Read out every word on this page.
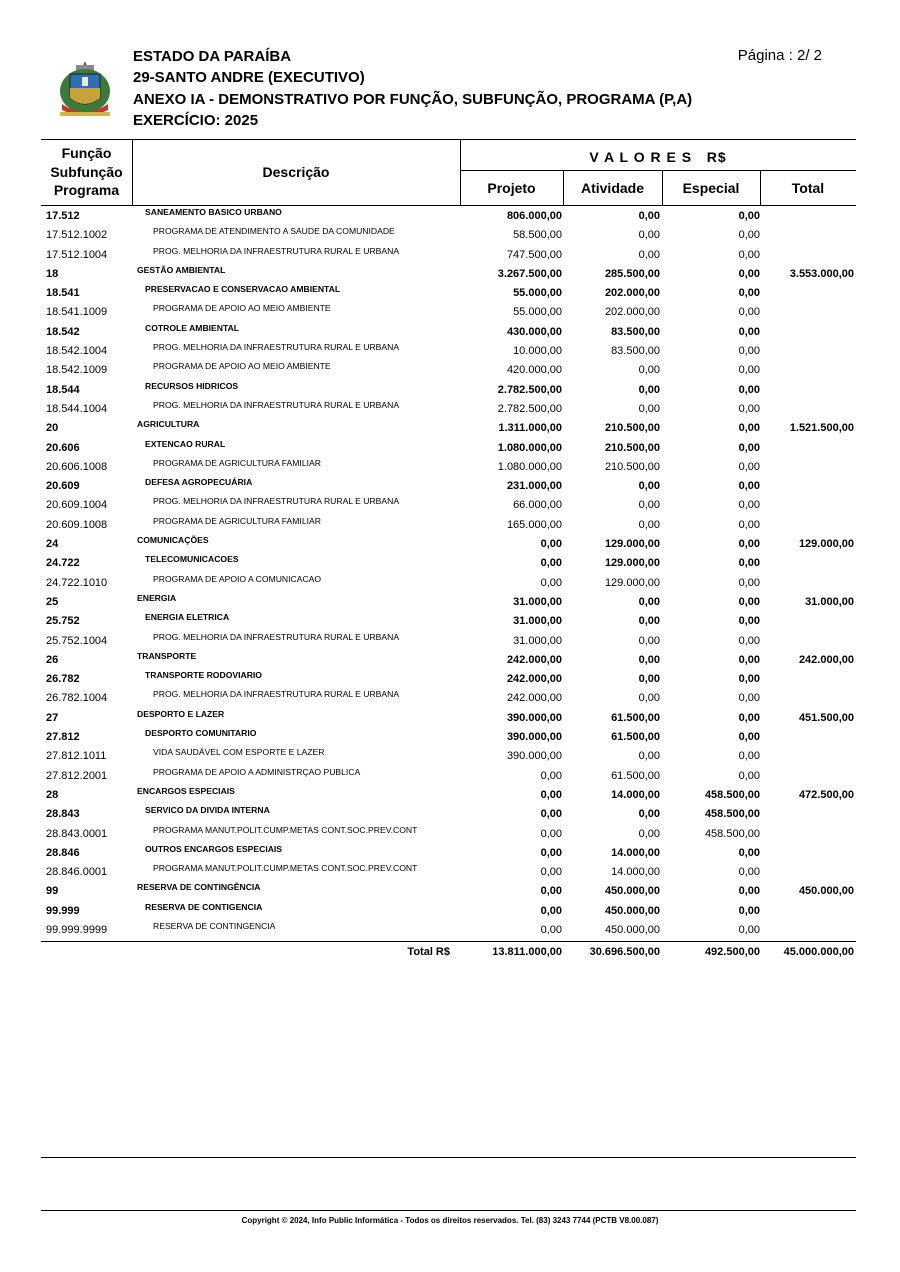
ESTADO DA PARAÍBA
29-SANTO ANDRE (EXECUTIVO)
ANEXO IA - DEMONSTRATIVO POR FUNÇÃO, SUBFUNÇÃO, PROGRAMA (P,A)
EXERCÍCIO: 2025
Página : 2/ 2
Função
Subfunção
Programa
Descrição
V A L O R E S   R$
Projeto	Atividade	Especial	Total
17.512	SANEAMENTO BASICO URBANO	806.000,00	0,00	0,00
17.512.1002	PROGRAMA DE ATENDIMENTO A SAUDE DA COMUNIDADE	58.500,00	0,00	0,00
17.512.1004	PROG. MELHORIA DA INFRAESTRUTURA RURAL E URBANA	747.500,00	0,00	0,00
18	GESTÃO AMBIENTAL	3.267.500,00	285.500,00	0,00	3.553.000,00
18.541	PRESERVACAO E CONSERVACAO AMBIENTAL	55.000,00	202.000,00	0,00
18.541.1009	PROGRAMA DE APOIO AO MEIO AMBIENTE	55.000,00	202.000,00	0,00
18.542	COTROLE AMBIENTAL	430.000,00	83.500,00	0,00
18.542.1004	PROG. MELHORIA DA INFRAESTRUTURA RURAL E URBANA	10.000,00	83.500,00	0,00
18.542.1009	PROGRAMA DE APOIO AO MEIO AMBIENTE	420.000,00	0,00	0,00
18.544	RECURSOS HIDRICOS	2.782.500,00	0,00	0,00
18.544.1004	PROG. MELHORIA DA INFRAESTRUTURA RURAL E URBANA	2.782.500,00	0,00	0,00
20	AGRICULTURA	1.311.000,00	210.500,00	0,00	1.521.500,00
20.606	EXTENCAO RURAL	1.080.000,00	210.500,00	0,00
20.606.1008	PROGRAMA DE AGRICULTURA FAMILIAR	1.080.000,00	210.500,00	0,00
20.609	DEFESA AGROPECUÁRIA	231.000,00	0,00	0,00
20.609.1004	PROG. MELHORIA DA INFRAESTRUTURA RURAL E URBANA	66.000,00	0,00	0,00
20.609.1008	PROGRAMA DE AGRICULTURA FAMILIAR	165.000,00	0,00	0,00
24	COMUNICAÇÕES	0,00	129.000,00	0,00	129.000,00
24.722	TELECOMUNICACOES	0,00	129.000,00	0,00
24.722.1010	PROGRAMA DE APOIO A COMUNICACAO	0,00	129.000,00	0,00
25	ENERGIA	31.000,00	0,00	0,00	31.000,00
25.752	ENERGIA ELETRICA	31.000,00	0,00	0,00
25.752.1004	PROG. MELHORIA DA INFRAESTRUTURA RURAL E URBANA	31.000,00	0,00	0,00
26	TRANSPORTE	242.000,00	0,00	0,00	242.000,00
26.782	TRANSPORTE RODOVIARIO	242.000,00	0,00	0,00
26.782.1004	PROG. MELHORIA DA INFRAESTRUTURA RURAL E URBANA	242.000,00	0,00	0,00
27	DESPORTO E LAZER	390.000,00	61.500,00	0,00	451.500,00
27.812	DESPORTO COMUNITARIO	390.000,00	61.500,00	0,00
27.812.1011	VIDA SAUDÁVEL COM ESPORTE E LAZER	390.000,00	0,00	0,00
27.812.2001	PROGRAMA DE APOIO A ADMINISTRÇAO PUBLICA	0,00	61.500,00	0,00
28	ENCARGOS ESPECIAIS	0,00	14.000,00	458.500,00	472.500,00
28.843	SERVICO DA DIVIDA INTERNA	0,00	0,00	458.500,00
28.843.0001	PROGRAMA MANUT.POLIT.CUMP.METAS CONT.SOC.PREV.CONT	0,00	0,00	458.500,00
28.846	OUTROS ENCARGOS ESPECIAIS	0,00	14.000,00	0,00
28.846.0001	PROGRAMA MANUT.POLIT.CUMP.METAS CONT.SOC.PREV.CONT	0,00	14.000,00	0,00
99	RESERVA DE CONTINGÊNCIA	0,00	450.000,00	0,00	450.000,00
99.999	RESERVA DE CONTIGENCIA	0,00	450.000,00	0,00
99.999.9999	RESERVA DE CONTINGENCIA	0,00	450.000,00	0,00
Total R$	13.811.000,00	30.696.500,00	492.500,00	45.000.000,00
Copyright © 2024, Info Public Informática - Todos os direitos reservados. Tel. (83) 3243 7744 (PCTB V8.00.087)
